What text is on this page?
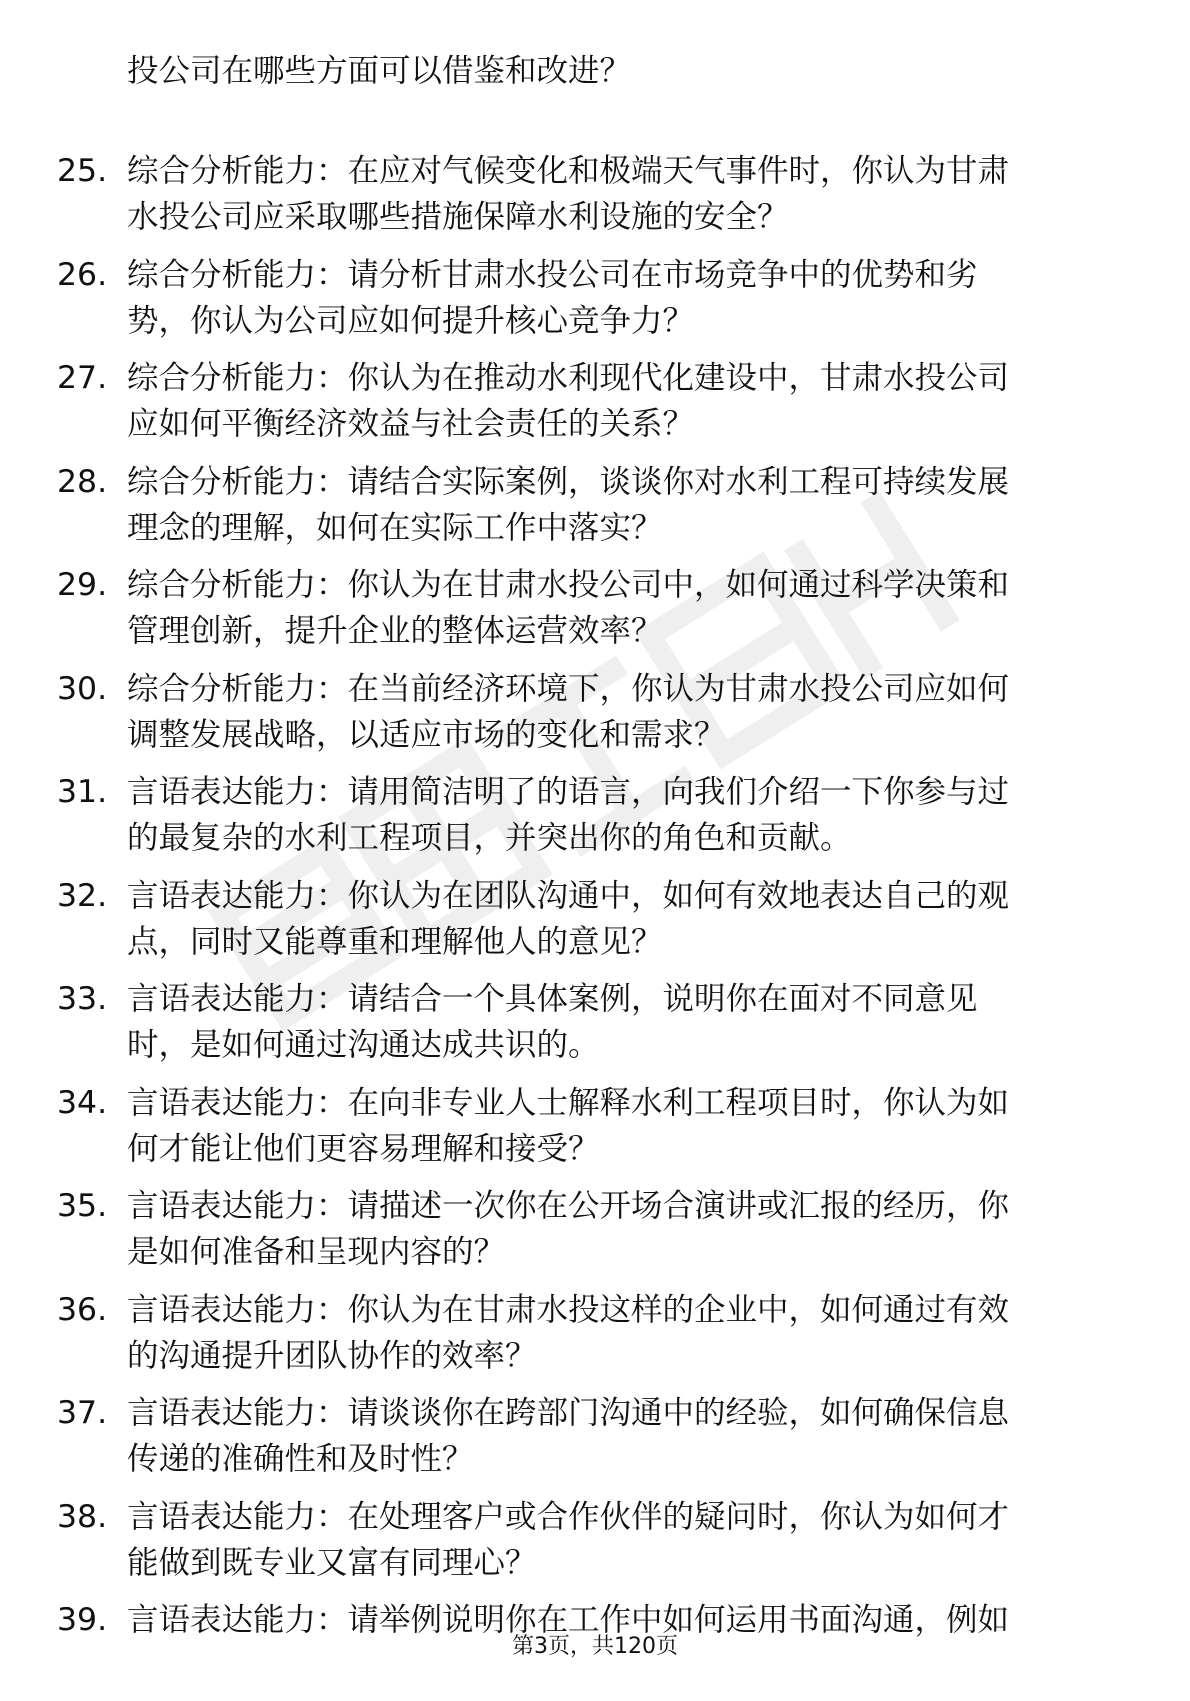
投公司在哪些方面可以借鉴和改进？
25. 综合分析能力：在应对气候变化和极端天气事件时，你认为甘肃
水投公司应采取哪些措施保障水利设施的安全？
26. 综合分析能力：请分析甘肃水投公司在市场竞争中的优势和劣
势，你认为公司应如何提升核心竞争力？
27. 综合分析能力：你认为在推动水利现代化建设中，甘肃水投公司
应如何平衡经济效益与社会责任的关系？
28. 综合分析能力：请结合实际案例，谈谈你对水利工程可持续发展
理念的理解，如何在实际工作中落实？
29. 综合分析能力：你认为在甘肃水投公司中，如何通过科学决策和
管理创新，提升企业的整体运营效率？
30. 综合分析能力：在当前经济环境下，你认为甘肃水投公司应如何
调整发展战略，以适应市场的变化和需求？
31. 言语表达能力：请用简洁明了的语言，向我们介绍一下你参与过
的最复杂的水利工程项目，并突出你的角色和贡献。
32. 言语表达能力：你认为在团队沟通中，如何有效地表达自己的观
点，同时又能尊重和理解他人的意见？
33. 言语表达能力：请结合一个具体案例，说明你在面对不同意见
时，是如何通过沟通达成共识的。
34. 言语表达能力：在向非专业人士解释水利工程项目时，你认为如
何才能让他们更容易理解和接受？
35. 言语表达能力：请描述一次你在公开场合演讲或汇报的经历，你
是如何准备和呈现内容的？
36. 言语表达能力：你认为在甘肃水投这样的企业中，如何通过有效
的沟通提升团队协作的效率？
37. 言语表达能力：请谈谈你在跨部门沟通中的经验，如何确保信息
传递的准确性和及时性？
38. 言语表达能力：在处理客户或合作伙伴的疑问时，你认为如何才
能做到既专业又富有同理心？
39. 言语表达能力：请举例说明你在工作中如何运用书面沟通，例如
第3页，共120页
